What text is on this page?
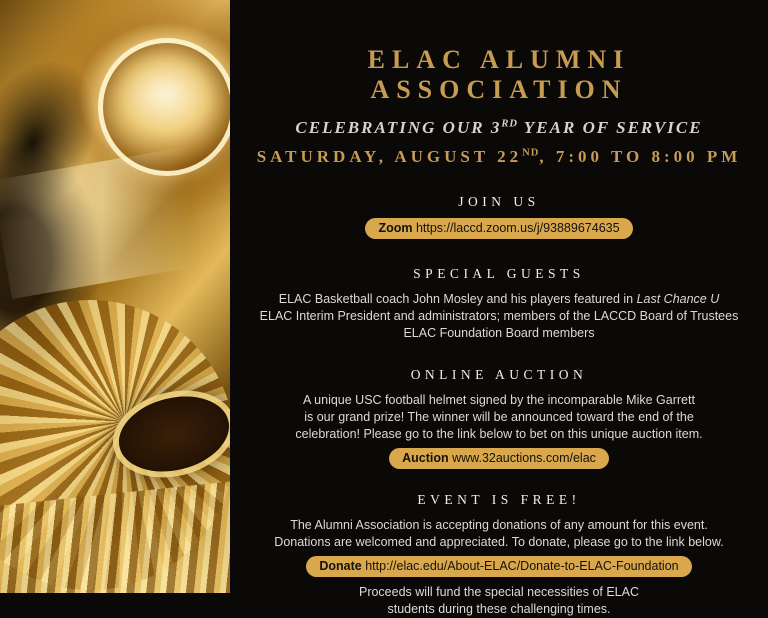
ELAC ALUMNI ASSOCIATION
CELEBRATING OUR 3RD YEAR OF SERVICE
SATURDAY, AUGUST 22ND, 7:00 TO 8:00 PM
JOIN US
Zoom https://laccd.zoom.us/j/93889674635
SPECIAL GUESTS
ELAC Basketball coach John Mosley and his players featured in Last Chance U
ELAC Interim President and administrators; members of the LACCD Board of Trustees
ELAC Foundation Board members
ONLINE AUCTION
A unique USC football helmet signed by the incomparable Mike Garrett
is our grand prize! The winner will be announced toward the end of the
celebration! Please go to the link below to bet on this unique auction item.
Auction www.32auctions.com/elac
EVENT IS FREE!
The Alumni Association is accepting donations of any amount for this event.
Donations are welcomed and appreciated. To donate, please go to the link below.
Donate http://elac.edu/About-ELAC/Donate-to-ELAC-Foundation
Proceeds will fund the special necessities of ELAC
students during these challenging times.
